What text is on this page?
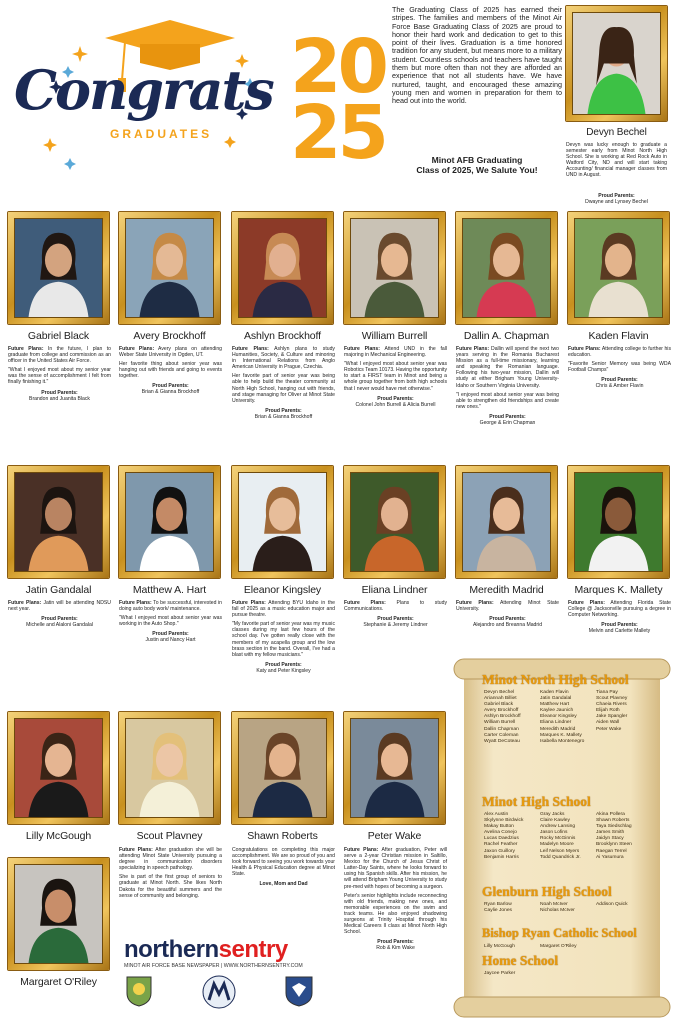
Congrats
GRADUATES
20
25
The Graduating Class of 2025 has earned their stripes. The families and members of the Minot Air Force Base Graduating Class of 2025 are proud to honor their hard work and dedication to get to this point of their lives. Graduation is a time honored tradition for any student, but means more to a military student. Countless schools and teachers have taught them but more often than not they are afforded an experience that not all students have. We have nurtured, taught, and encouraged these amazing young men and women in preparation for them to head out into the world.
Minot AFB Graduating
Class of 2025, We Salute You!
Devyn Bechel
Devyn was lucky enough to graduate a semester early from Minot North High School. She is working at Red Rock Auto in Watford City, ND and will start taking Accounting/ financial manager classes from UND in August.
Proud Parents:
Dwayne and Lynsey Bechel
Gabriel Black

Future Plans: In the future, I plan to graduate from college and commission as an officer in the United States Air Force.

"What I enjoyed most about my senior year was the sense of accomplishment I felt from finally finishing it."

Proud Parents:
Brandon and Juanita Black
Avery Brockhoff

Future Plans: Avery plans on attending Weber State University in Ogden, UT.

Her favorite thing about senior year was hanging out with friends and going to events together.

Proud Parents:
Brian & Gianna Brockhoff
Ashlyn Brockhoff

Future Plans: Ashlyn plans to study Humanities, Society, & Culture and minoring in International Relations from Anglo American University in Prague, Czechia.

Her favorite part of senior year was being able to help build the theater community at North High School, hanging out with friends, and stage managing for Oliver at Minot State University.

Proud Parents:
Brian & Gianna Brockhoff
William Burrell

Future Plans: Attend UND in the fall majoring in Mechanical Engineering.

"What I enjoyed most about senior year was Robotics Team 10173. Having the opportunity to start a FIRST team in Minot and being a whole group together from both high schools that I never would have met otherwise."

Proud Parents:
Colonel John Burrell & Alicia Burrell
Dallin A. Chapman

Future Plans: Dallin will spend the next two years serving in the Romania Bucharest Mission as a full-time missionary, learning and speaking the Romanian language. Following his two-year mission, Dallin will study at either Brigham Young University-Idaho or Southern Virginia University.

"I enjoyed most about senior year was being able to strengthen old friendships and create new ones."

Proud Parents:
George & Erin Chapman
Kaden Flavin

Future Plans: Attending college to further his education.

"Favorite Senior Memory was being WDA Football Champs"

Proud Parents:
Chris & Amber Flavin
Jatin Gandalal

Future Plans: Jatin will be attending NDSU next year.

Proud Parents:
Michelle and Alaloni Gandalal
Matthew A. Hart

Future Plans: To be successful, interested in doing auto body work/ maintenance.

"What I enjoyed most about senior year was working in the Auto Shop."

Proud Parents:
Justin and Nancy Hart
Eleanor Kingsley

Future Plans: Attending BYU Idaho in the fall of 2025 as a music education major and pursue theatre.

"My favorite part of senior year was my music classes during my last few hours of the school day. I've gotten really close with the members of my acapella group and the low brass section in the band. Overall, I've had a blast with my fellow musicians."

Proud Parents:
Katy and Peter Kingsley
Eliana Lindner

Future Plans: Plans to study Communications.

Proud Parents:
Stephanie & Jeremy Lindner
Meredith Madrid

Future Plans: Attending Minot State University.

Proud Parents:
Alejandro and Breanna Madrid
Marques K. Mallety

Future Plans: Attending Florida State College @ Jacksonville pursuing a degree in Computer Networking.

Proud Parents:
Melvin and Carlette Mallety
Lilly McGough	Scout Plavney

Future Plans: After graduation she will be attending Minot State University pursuing a degree in communication disorders specializing in speech pathology.

She is part of the first group of seniors to graduate at Minot North. She likes North Dakota for the beautiful summers and the sense of community and belonging.

Shawn Roberts

Congratulations on completing this major accomplishment. We are so proud of you and look forward to seeing you work towards your Health & Physical Education degree at Minot State.

Love, Mom and Dad
Peter Wake

Future Plans: After graduation, Peter will serve a 2-year Christian mission in Saltillo, Mexico for the Church of Jesus Christ of Latter-Day Saints, where he looks forward to using his Spanish skills. After his mission, he will attend Brigham Young University to study pre-med with hopes of becoming a surgeon.

Peter's senior highlights include reconnecting with old friends, making new ones, and memorable experiences on the swim and track teams. He also enjoyed shadowing surgeons at Trinity Hospital through his Medical Careers II class at Minot North High School.

Proud Parents:
Rob & Kim Wake
Margaret O'Riley
Minot North High School
Devyn Bechel
Ariannah Billiet
Gabriel Black
Avery Brockhoff
Ashlyn Brockhoff
William Burrell
Dallin Chapman
Carter Coleman
Wyatt DeCoteau
Kaden Flavin
Jatin Gandalal
Matthew Hart
Kaylee Jaunich
Eleanor Kingsley
Eliana Lindner
Meredith Madrid
Marques K. Mallety
Isabella Montenegro
Tiana Pay
Scout Plavney
Chaeia Rivers
Elijah Roth
Jake Spangler
Aiden Wall
Peter Wake
Minot High School
Alex Austin
Skylynne Birdwick
Makay Button
Avelina Conejo
Lucas Daedzius
Rachel Feather
Jaxon Guillory
Benjamin Harris
Gray Jacks
Claire Kawley
Andrew Lansing
Jason Lofins
Rocky McGinnis
Madelyn Moore
Leif Nelson Myers
Todd Quandrick Jr.
Akina Pollera
Shawn Roberts
Taya Siedschlag
James Smith
Jaidyn Stacy
Brooklynn Steen
Raegan Terrel
Ai Yasumura
Glenburn High School
Ryan Barlow
Caylie Jones
Noah McIver
Nicholas McIver
Addison Quick
Bishop Ryan Catholic School
Lilly McGough	Margaret O'Riley
Home School
Jaycee Parker
northernsentry
MINOT AIR FORCE BASE NEWSPAPER | WWW.NORTHERNSENTRY.COM
